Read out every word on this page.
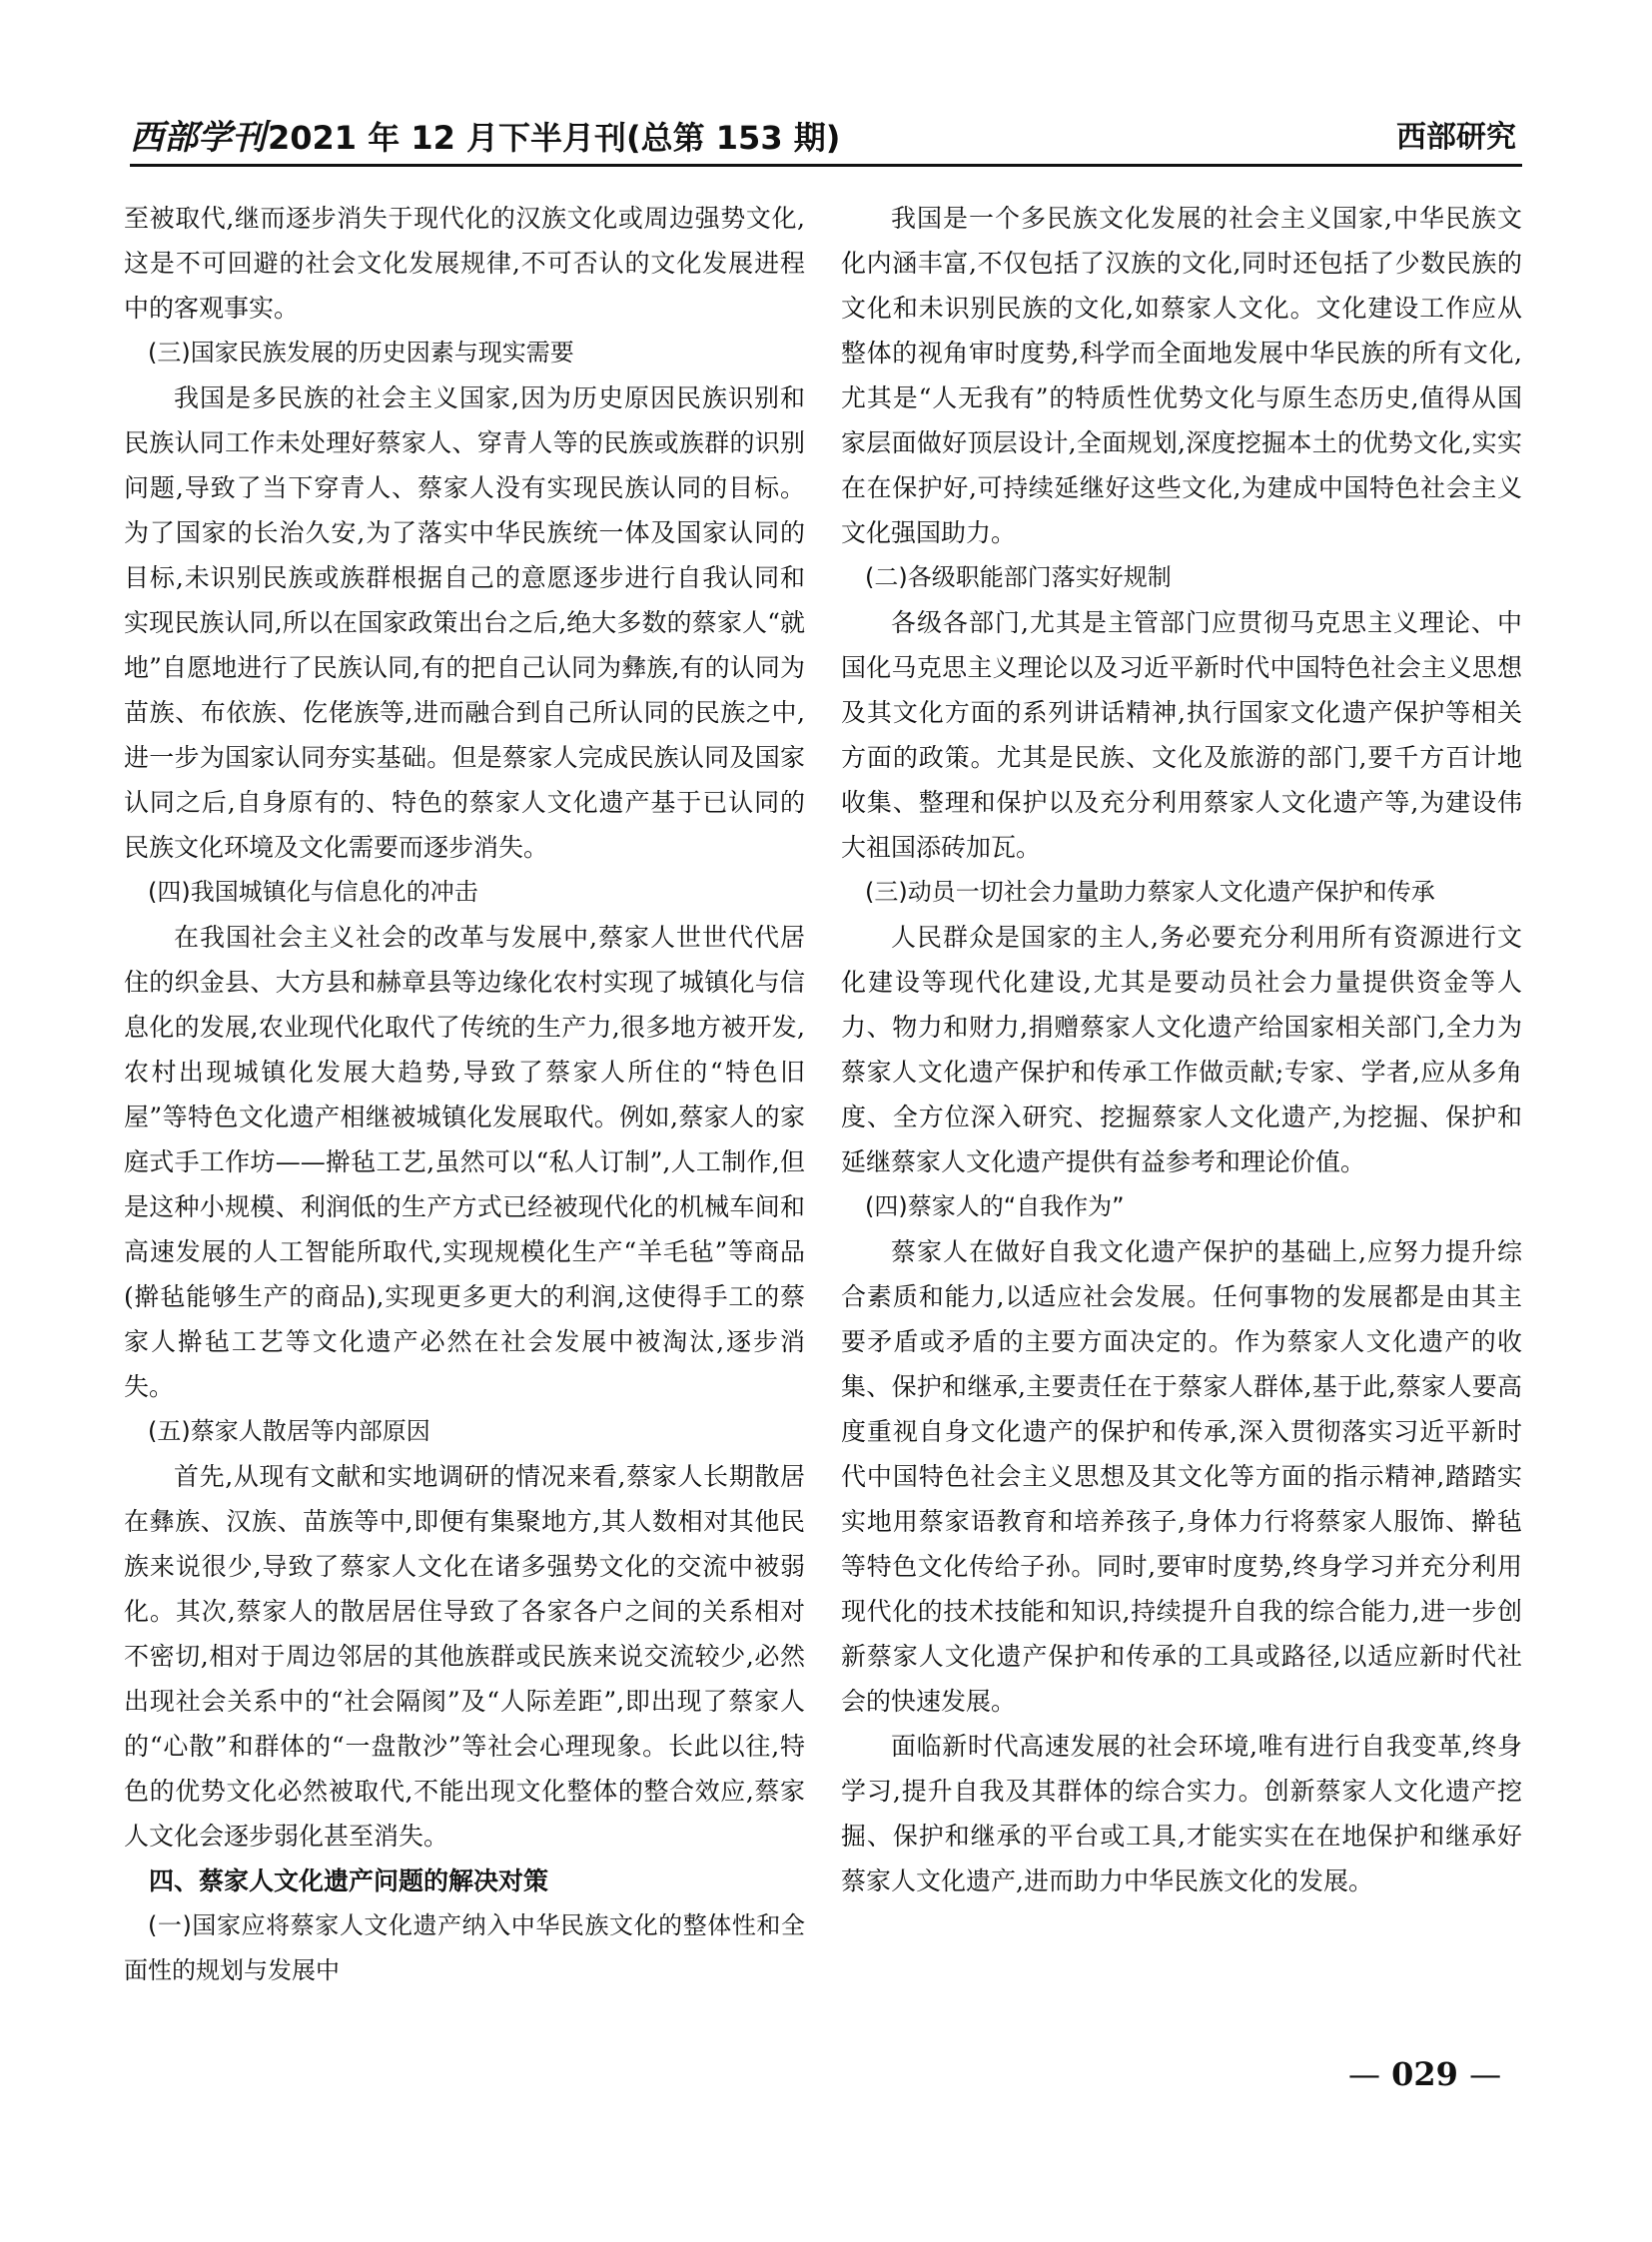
西部学刊2021 年 12 月下半月刊(总第 153 期)	西部研究

至被取代,继而逐步消失于现代化的汉族文化或周边强势文化,这是不可回避的社会文化发展规律,不可否认的文化发展进程中的客观事实。

(三)国家民族发展的历史因素与现实需要

我国是多民族的社会主义国家,因为历史原因民族识别和民族认同工作未处理好蔡家人、穿青人等的民族或族群的识别问题,导致了当下穿青人、蔡家人没有实现民族认同的目标。为了国家的长治久安,为了落实中华民族统一体及国家认同的目标,未识别民族或族群根据自己的意愿逐步进行自我认同和实现民族认同,所以在国家政策出台之后,绝大多数的蔡家人“就地”自愿地进行了民族认同,有的把自己认同为彝族,有的认同为苗族、布依族、仡佬族等,进而融合到自己所认同的民族之中,进一步为国家认同夯实基础。但是蔡家人完成民族认同及国家认同之后,自身原有的、特色的蔡家人文化遗产基于已认同的民族文化环境及文化需要而逐步消失。

(四)我国城镇化与信息化的冲击

在我国社会主义社会的改革与发展中,蔡家人世世代代居住的织金县、大方县和赫章县等边缘化农村实现了城镇化与信息化的发展,农业现代化取代了传统的生产力,很多地方被开发,农村出现城镇化发展大趋势,导致了蔡家人所住的“特色旧屋”等特色文化遗产相继被城镇化发展取代。例如,蔡家人的家庭式手工作坊——擀毡工艺,虽然可以“私人订制”,人工制作,但是这种小规模、利润低的生产方式已经被现代化的机械车间和高速发展的人工智能所取代,实现规模化生产“羊毛毡”等商品(擀毡能够生产的商品),实现更多更大的利润,这使得手工的蔡家人擀毡工艺等文化遗产必然在社会发展中被淘汰,逐步消失。

(五)蔡家人散居等内部原因

首先,从现有文献和实地调研的情况来看,蔡家人长期散居在彝族、汉族、苗族等中,即便有集聚地方,其人数相对其他民族来说很少,导致了蔡家人文化在诸多强势文化的交流中被弱化。其次,蔡家人的散居居住导致了各家各户之间的关系相对不密切,相对于周边邻居的其他族群或民族来说交流较少,必然出现社会关系中的“社会隔阂”及“人际差距”,即出现了蔡家人的“心散”和群体的“一盘散沙”等社会心理现象。长此以往,特色的优势文化必然被取代,不能出现文化整体的整合效应,蔡家人文化会逐步弱化甚至消失。

四、蔡家人文化遗产问题的解决对策

(一)国家应将蔡家人文化遗产纳入中华民族文化的整体性和全面性的规划与发展中

我国是一个多民族文化发展的社会主义国家,中华民族文化内涵丰富,不仅包括了汉族的文化,同时还包括了少数民族的文化和未识别民族的文化,如蔡家人文化。文化建设工作应从整体的视角审时度势,科学而全面地发展中华民族的所有文化,尤其是“人无我有”的特质性优势文化与原生态历史,值得从国家层面做好顶层设计,全面规划,深度挖掘本土的优势文化,实实在在保护好,可持续延继好这些文化,为建成中国特色社会主义文化强国助力。

(二)各级职能部门落实好规制

各级各部门,尤其是主管部门应贯彻马克思主义理论、中国化马克思主义理论以及习近平新时代中国特色社会主义思想及其文化方面的系列讲话精神,执行国家文化遗产保护等相关方面的政策。尤其是民族、文化及旅游的部门,要千方百计地收集、整理和保护以及充分利用蔡家人文化遗产等,为建设伟大祖国添砖加瓦。

(三)动员一切社会力量助力蔡家人文化遗产保护和传承

人民群众是国家的主人,务必要充分利用所有资源进行文化建设等现代化建设,尤其是要动员社会力量提供资金等人力、物力和财力,捐赠蔡家人文化遗产给国家相关部门,全力为蔡家人文化遗产保护和传承工作做贡献;专家、学者,应从多角度、全方位深入研究、挖掘蔡家人文化遗产,为挖掘、保护和延继蔡家人文化遗产提供有益参考和理论价值。

(四)蔡家人的“自我作为”

蔡家人在做好自我文化遗产保护的基础上,应努力提升综合素质和能力,以适应社会发展。任何事物的发展都是由其主要矛盾或矛盾的主要方面决定的。作为蔡家人文化遗产的收集、保护和继承,主要责任在于蔡家人群体,基于此,蔡家人要高度重视自身文化遗产的保护和传承,深入贯彻落实习近平新时代中国特色社会主义思想及其文化等方面的指示精神,踏踏实实地用蔡家语教育和培养孩子,身体力行将蔡家人服饰、擀毡等特色文化传给子孙。同时,要审时度势,终身学习并充分利用现代化的技术技能和知识,持续提升自我的综合能力,进一步创新蔡家人文化遗产保护和传承的工具或路径,以适应新时代社会的快速发展。

面临新时代高速发展的社会环境,唯有进行自我变革,终身学习,提升自我及其群体的综合实力。创新蔡家人文化遗产挖掘、保护和继承的平台或工具,才能实实在在地保护和继承好蔡家人文化遗产,进而助力中华民族文化的发展。

— 029 —
